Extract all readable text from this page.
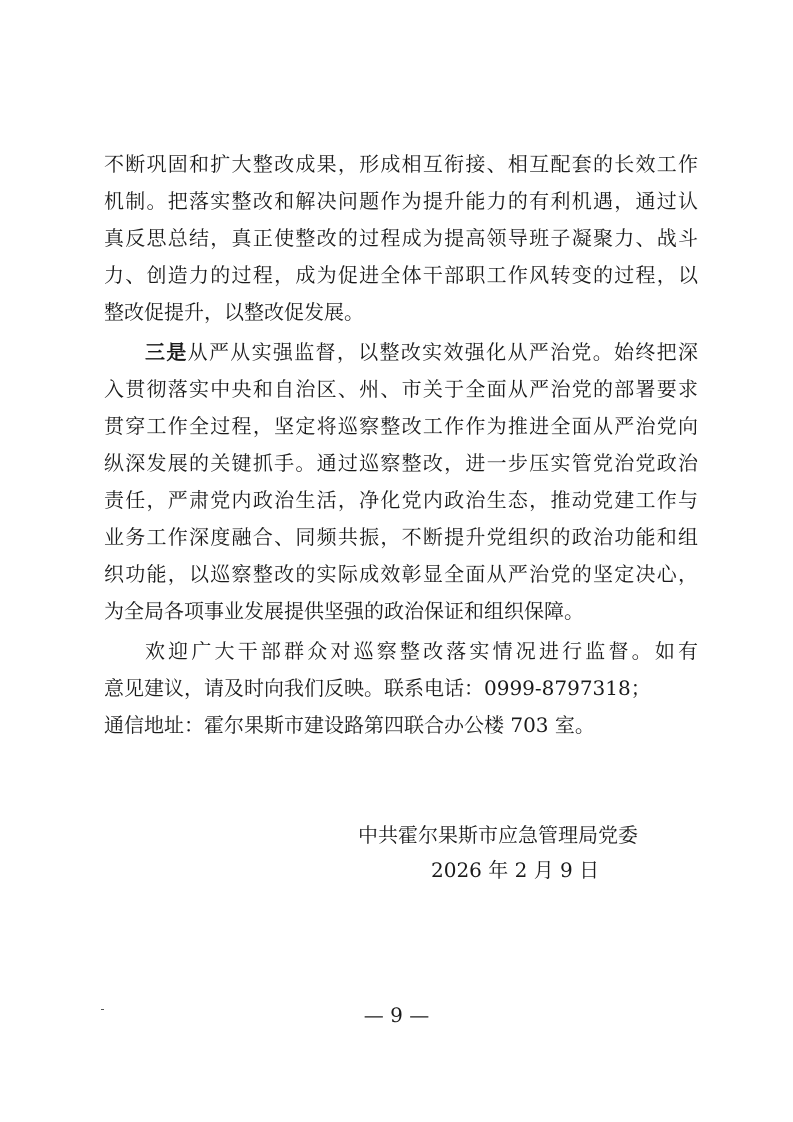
不断巩固和扩大整改成果，形成相互衔接、相互配套的长效工作
机制。把落实整改和解决问题作为提升能力的有利机遇，通过认
真反思总结，真正使整改的过程成为提高领导班子凝聚力、战斗
力、创造力的过程，成为促进全体干部职工作风转变的过程，以
整改促提升，以整改促发展。
三是从严从实强监督，以整改实效强化从严治党。始终把深
入贯彻落实中央和自治区、州、市关于全面从严治党的部署要求
贯穿工作全过程，坚定将巡察整改工作作为推进全面从严治党向
纵深发展的关键抓手。通过巡察整改，进一步压实管党治党政治
责任，严肃党内政治生活，净化党内政治生态，推动党建工作与
业务工作深度融合、同频共振，不断提升党组织的政治功能和组
织功能，以巡察整改的实际成效彰显全面从严治党的坚定决心，
为全局各项事业发展提供坚强的政治保证和组织保障。
欢迎广大干部群众对巡察整改落实情况进行监督。如有
意见建议，请及时向我们反映。联系电话：0999-8797318；
通信地址：霍尔果斯市建设路第四联合办公楼 703 室。
中共霍尔果斯市应急管理局党委
2026 年 2 月 9 日
— 9 —
